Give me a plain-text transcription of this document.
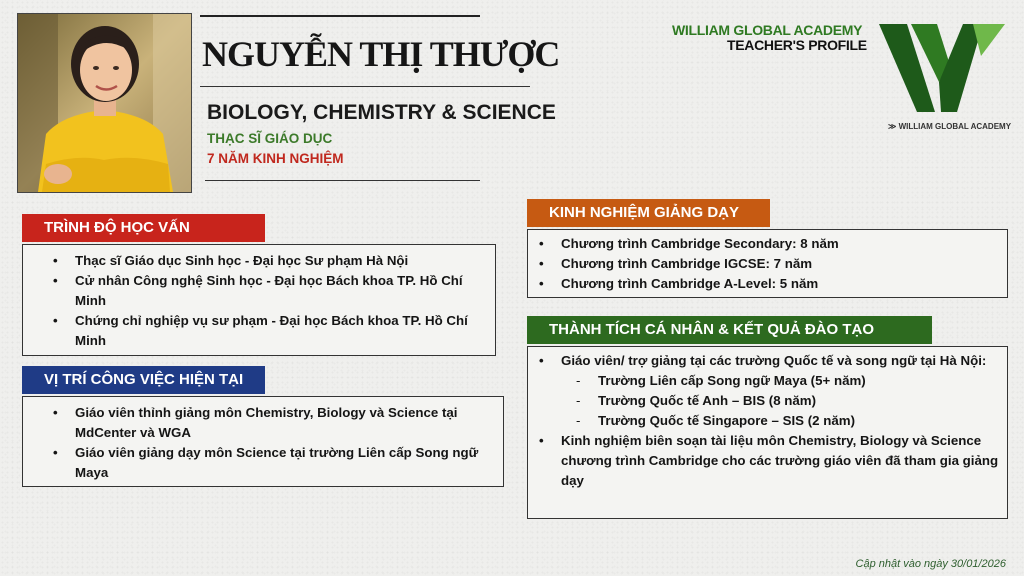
NGUYỄN THỊ THƯỢC
BIOLOGY, CHEMISTRY & SCIENCE
THẠC SĨ GIÁO DỤC
7 NĂM KINH NGHIỆM
WILLIAM GLOBAL ACADEMY
TEACHER'S PROFILE
≫ WILLIAM GLOBAL ACADEMY
TRÌNH ĐỘ HỌC VẤN
• Thạc sĩ Giáo dục Sinh học - Đại học Sư phạm Hà Nội
• Cử nhân Công nghệ Sinh học - Đại học Bách khoa TP. Hồ Chí Minh
• Chứng chỉ nghiệp vụ sư phạm - Đại học Bách khoa TP. Hồ Chí Minh
VỊ TRÍ CÔNG VIỆC HIỆN TẠI
• Giáo viên thỉnh giảng môn Chemistry, Biology và Science tại MdCenter và WGA
• Giáo viên giảng dạy môn Science tại trường Liên cấp Song ngữ Maya
KINH NGHIỆM GIẢNG DẠY
• Chương trình Cambridge Secondary: 8 năm
• Chương trình Cambridge IGCSE: 7 năm
• Chương trình Cambridge A-Level: 5 năm
THÀNH TÍCH CÁ NHÂN & KẾT QUẢ ĐÀO TẠO
• Giáo viên/ trợ giảng tại các trường Quốc tế và song ngữ tại Hà Nội:
- Trường Liên cấp Song ngữ Maya (5+ năm)
- Trường Quốc tế Anh – BIS (8 năm)
- Trường Quốc tế Singapore – SIS (2 năm)
• Kinh nghiệm biên soạn tài liệu môn Chemistry, Biology và Science chương trình Cambridge cho các trường giáo viên đã tham gia giảng dạy
Cập nhật vào ngày 30/01/2026
